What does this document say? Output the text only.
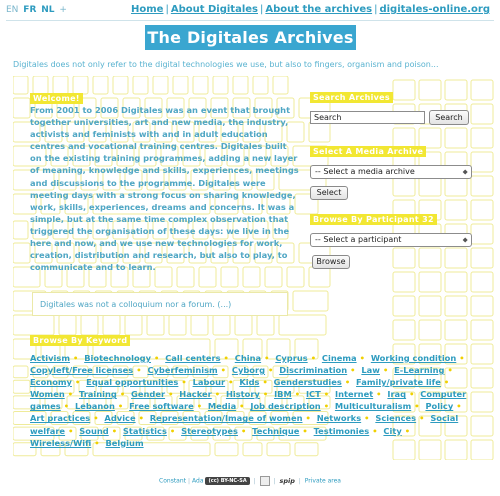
EN FR NL +	Home | About Digitales | About the archives | digitales-online.org
The Digitales Archives
Digitales does not only refer to the digital technologies we use, but also to fingers, organism and poison...
Welcome!
From 2001 to 2006 Digitales was an event that brought together universities, art and new media, the industry, activists and feminists with and in adult education centres and vocational training centres. Digitales built on the existing training programmes, adding a new layer of meaning, knowledge and skills, experiences, meetings and discussions to the programme. Digitales were meeting days with a strong focus on sharing knowledge, work, skills, experiences, dreams and concerns. It was a simple, but at the same time complex observation that triggered the organisation of these days: we live in the here and now, and we use new technologies for work, creation, distribution and research, but also to play, to communicate and to learn.
Digitales was not a colloquium nor a forum. (...)
Search Archives
Search
Search
Select A Media Archive
-- Select a media archive	⯁
Select
Browse By Participant 32
-- Select a participant	⯁
Browse
Browse By Keyword
Activism • Biotechnology • Call centers • China • Cyprus • Cinema • Working condition • Copyleft/Free licenses • Cyberfeminism • Cyborg • Discrimination • Law • E-Learning • Economy • Equal opportunities • Labour • Kids • Genderstudies • Family/private life • Women • Training • Gender • Hacker • History • IBM • ICT • Internet • Iraq • Computer games • Lebanon • Free software • Media • Job description • Multiculturalism • Policy • Art practices • Advice • Representation/Image of women • Networks • Sciences • Social welfare • Sound • Statistics • Stereotypes • Technique • Testimonies • City • Wireless/Wifi • Belgium
Constant | Ada (cc) BY-NC-SA |	| spip | Private area
